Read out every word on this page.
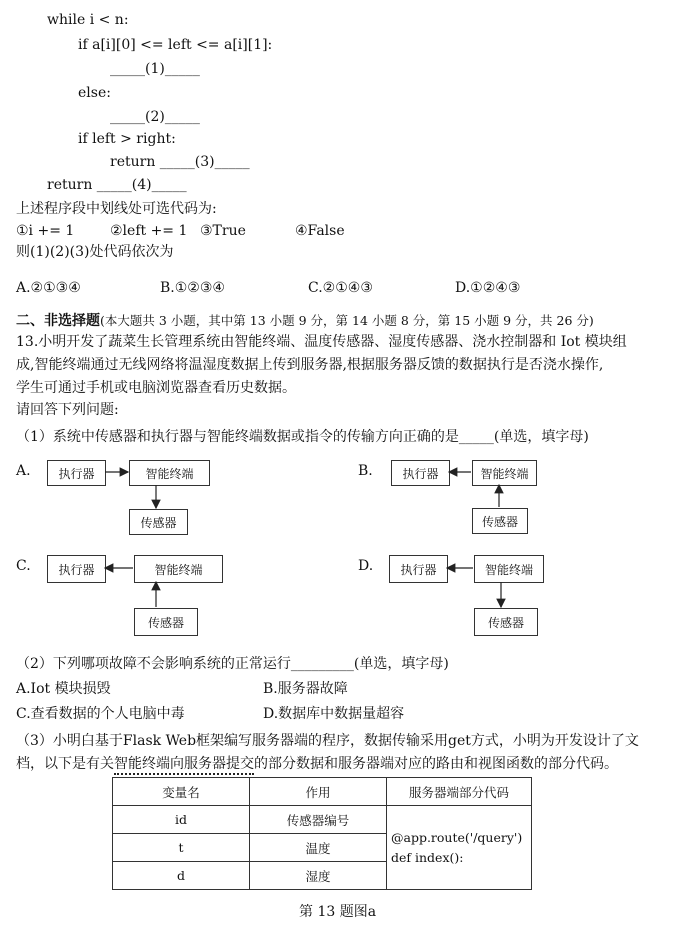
while i < n:
if a[i][0] <= left <= a[i][1]:
_____(1)_____
else:
_____(2)_____
if left > right:
return _____(3)_____
return _____(4)_____
上述程序段中划线处可选代码为:
①i += 1	②left += 1 ③True	④False
则(1)(2)(3)处代码依次为
A.②①③④	B.①②③④	C.②①④③	D.①②④③
二、非选择题(本大题共 3 小题，其中第 13 小题 9 分，第 14 小题 8 分，第 15 小题 9 分，共 26 分)
13.小明开发了蔬菜生长管理系统由智能终端、温度传感器、湿度传感器、浇水控制器和 Iot 模块组
成,智能终端通过无线网络将温湿度数据上传到服务器,根据服务器反馈的数据执行是否浇水操作,
学生可通过手机或电脑浏览器查看历史数据。
请回答下列问题:
（1）系统中传感器和执行器与智能终端数据或指令的传输方向正确的是_____(单选，填字母)
A.	执行器	智能终端
传感器
B.	执行器	智能终端
传感器
C.	执行器	智能终端
传感器
D.	执行器	智能终端
传感器
（2）下列哪项故障不会影响系统的正常运行_________(单选，填字母)
A.Iot 模块损毁	B.服务器故障
C.查看数据的个人电脑中毒	D.数据库中数据量超容
（3）小明白基于Flask Web框架编写服务器端的程序，数据传输采用get方式，小明为开发设计了文
档，以下是有关智能终端向服务器提交的部分数据和服务器端对应的路由和视图函数的部分代码。
变量名	作用	服务器端部分代码
id	传感器编号	@app.route('/query')
def index():

t	温度	
d	湿度	
第 13 题图a
